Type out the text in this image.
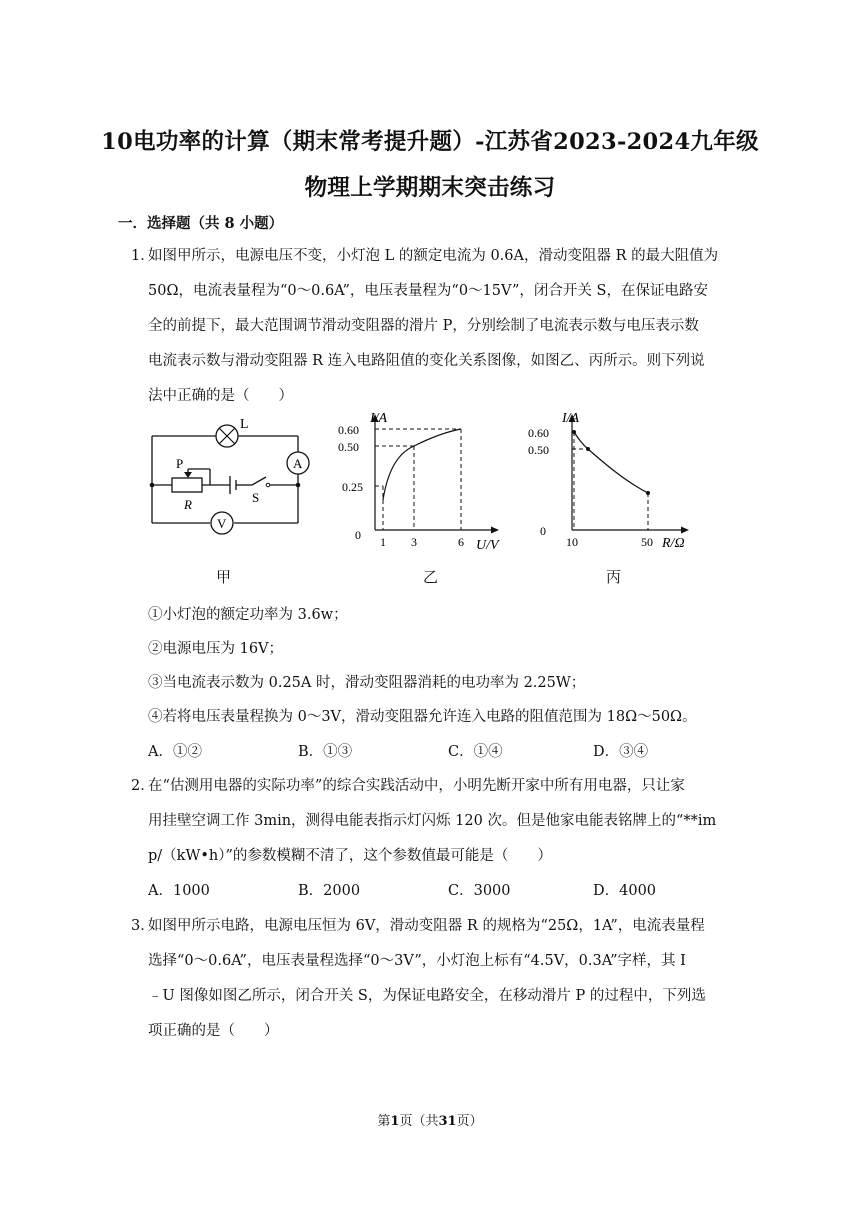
10电功率的计算（期末常考提升题）-江苏省2023-2024九年级
物理上学期期末突击练习
一．选择题（共 8 小题）
1．
如图甲所示，电源电压不变，小灯泡 L 的额定电流为 0.6A，滑动变阻器 R 的最大阻值为
50Ω，电流表量程为“0～0.6A”，电压表量程为“0～15V”，闭合开关 S，在保证电路安
全的前提下，最大范围调节滑动变阻器的滑片 P，分别绘制了电流表示数与电压表示数
电流表示数与滑动变阻器 R 连入电路阻值的变化关系图像，如图乙、丙所示。则下列说
法中正确的是（　　）
L
A
V
P
R	S
I/A
0.60
0.50
0.25
0 1 3	6 U/V
I/A
0.60
0.50
0
10	50 R/Ω
甲	乙	丙
①小灯泡的额定功率为 3.6w；
②电源电压为 16V；
③当电流表示数为 0.25A 时，滑动变阻器消耗的电功率为 2.25W；
④若将电压表量程换为 0～3V，滑动变阻器允许连入电路的阻值范围为 18Ω～50Ω。
A．①②	B．①③	C．①④	D．③④
2．
在“估测用电器的实际功率”的综合实践活动中，小明先断开家中所有用电器，只让家
用挂壁空调工作 3min，测得电能表指示灯闪烁 120 次。但是他家电能表铭牌上的“**im
p/（kW•h）”的参数模糊不清了，这个参数值最可能是（　　）
A．1000	B．2000	C．3000	D．4000
3．
如图甲所示电路，电源电压恒为 6V，滑动变阻器 R 的规格为“25Ω，1A”，电流表量程
选择“0～0.6A”，电压表量程选择“0～3V”，小灯泡上标有“4.5V，0.3A”字样，其 I
﹣U 图像如图乙所示，闭合开关 S，为保证电路安全，在移动滑片 P 的过程中，下列选
项正确的是（　　）
第1页（共31页）
